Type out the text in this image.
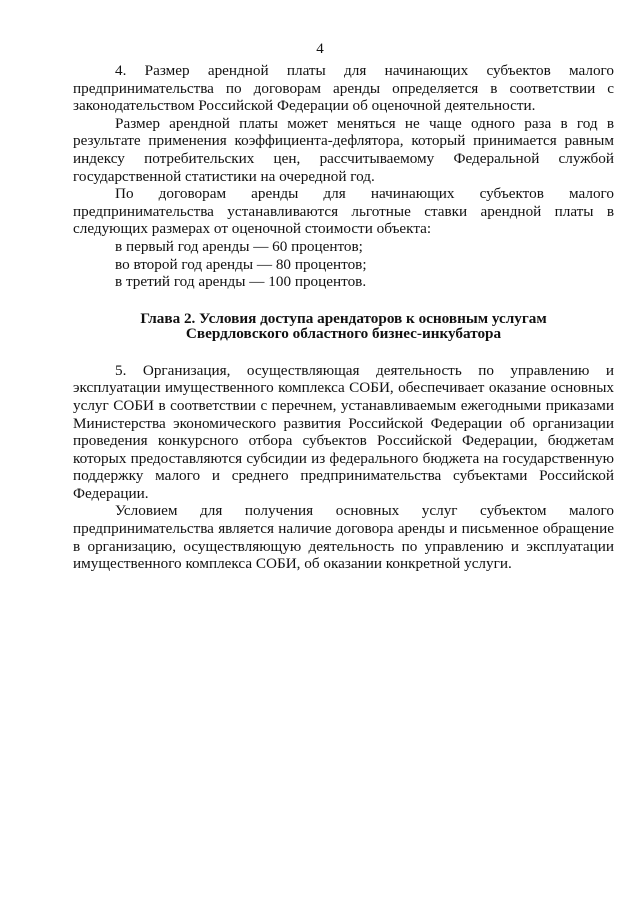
4

4. Размер арендной платы для начинающих субъектов малого предпринимательства по договорам аренды определяется в соответствии с законодательством Российской Федерации об оценочной деятельности.

Размер арендной платы может меняться не чаще одного раза в год в результате применения коэффициента-дефлятора, который принимается равным индексу потребительских цен, рассчитываемому Федеральной службой государственной статистики на очередной год.

По договорам аренды для начинающих субъектов малого предпринимательства устанавливаются льготные ставки арендной платы в следующих размерах от оценочной стоимости объекта:

в первый год аренды — 60 процентов;

во второй год аренды — 80 процентов;

в третий год аренды — 100 процентов.

Глава 2. Условия доступа арендаторов к основным услугам
Свердловского областного бизнес-инкубатора

5. Организация, осуществляющая деятельность по управлению и эксплуатации имущественного комплекса СОБИ, обеспечивает оказание основных услуг СОБИ в соответствии с перечнем, устанавливаемым ежегодными приказами Министерства экономического развития Российской Федерации об организации проведения конкурсного отбора субъектов Российской Федерации, бюджетам которых предоставляются субсидии из федерального бюджета на государственную поддержку малого и среднего предпринимательства субъектами Российской Федерации.

Условием для получения основных услуг субъектом малого предпринимательства является наличие договора аренды и письменное обращение в организацию, осуществляющую деятельность по управлению и эксплуатации имущественного комплекса СОБИ, об оказании конкретной услуги.
